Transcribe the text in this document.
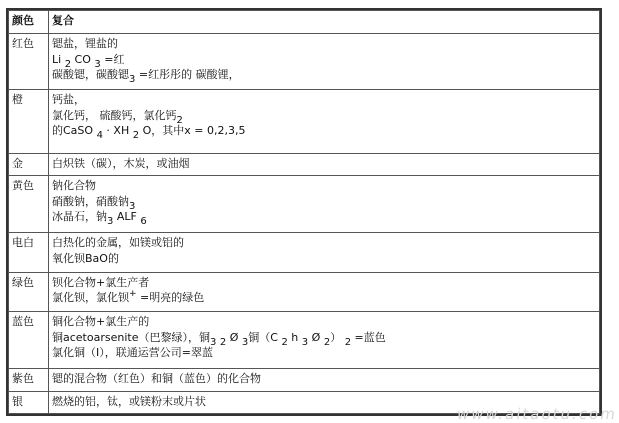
颜色	复合
红色	锶盐，锂盐的
Li $_2$ CO $_3$ =红
碳酸锶，碳酸锶$_3$ =红彤彤的 碳酸锂，

橙	钙盐，
氯化钙， 硫酸钙，氯化钙$_2$
的CaSO $_4$ · XH $_2$ O，其中x = 0,2,3,5

金	白炽铁（碳），木炭，或油烟

黄色	钠化合物
硝酸钠，硝酸钠$_3$
冰晶石，钠$_3$ ALF $_6$

电白	白热化的金属，如镁或铝的
氧化钡BaO的

绿色	钡化合物+氯生产者
氯化钡，氯化钡+ =明亮的绿色

蓝色	铜化合物+氯生产的
铜acetoarsenite（巴黎绿），铜$_3$ $_2$ Ø $_3$铜（C $_2$ h $_3$ Ø $_2$） $_2$ =蓝色
氯化铜（I），联通运营公司=翠蓝

紫色	锶的混合物（红色）和铜（蓝色）的化合物

银	燃烧的铝，钛，或镁粉末或片状
www.aitaotu.com
